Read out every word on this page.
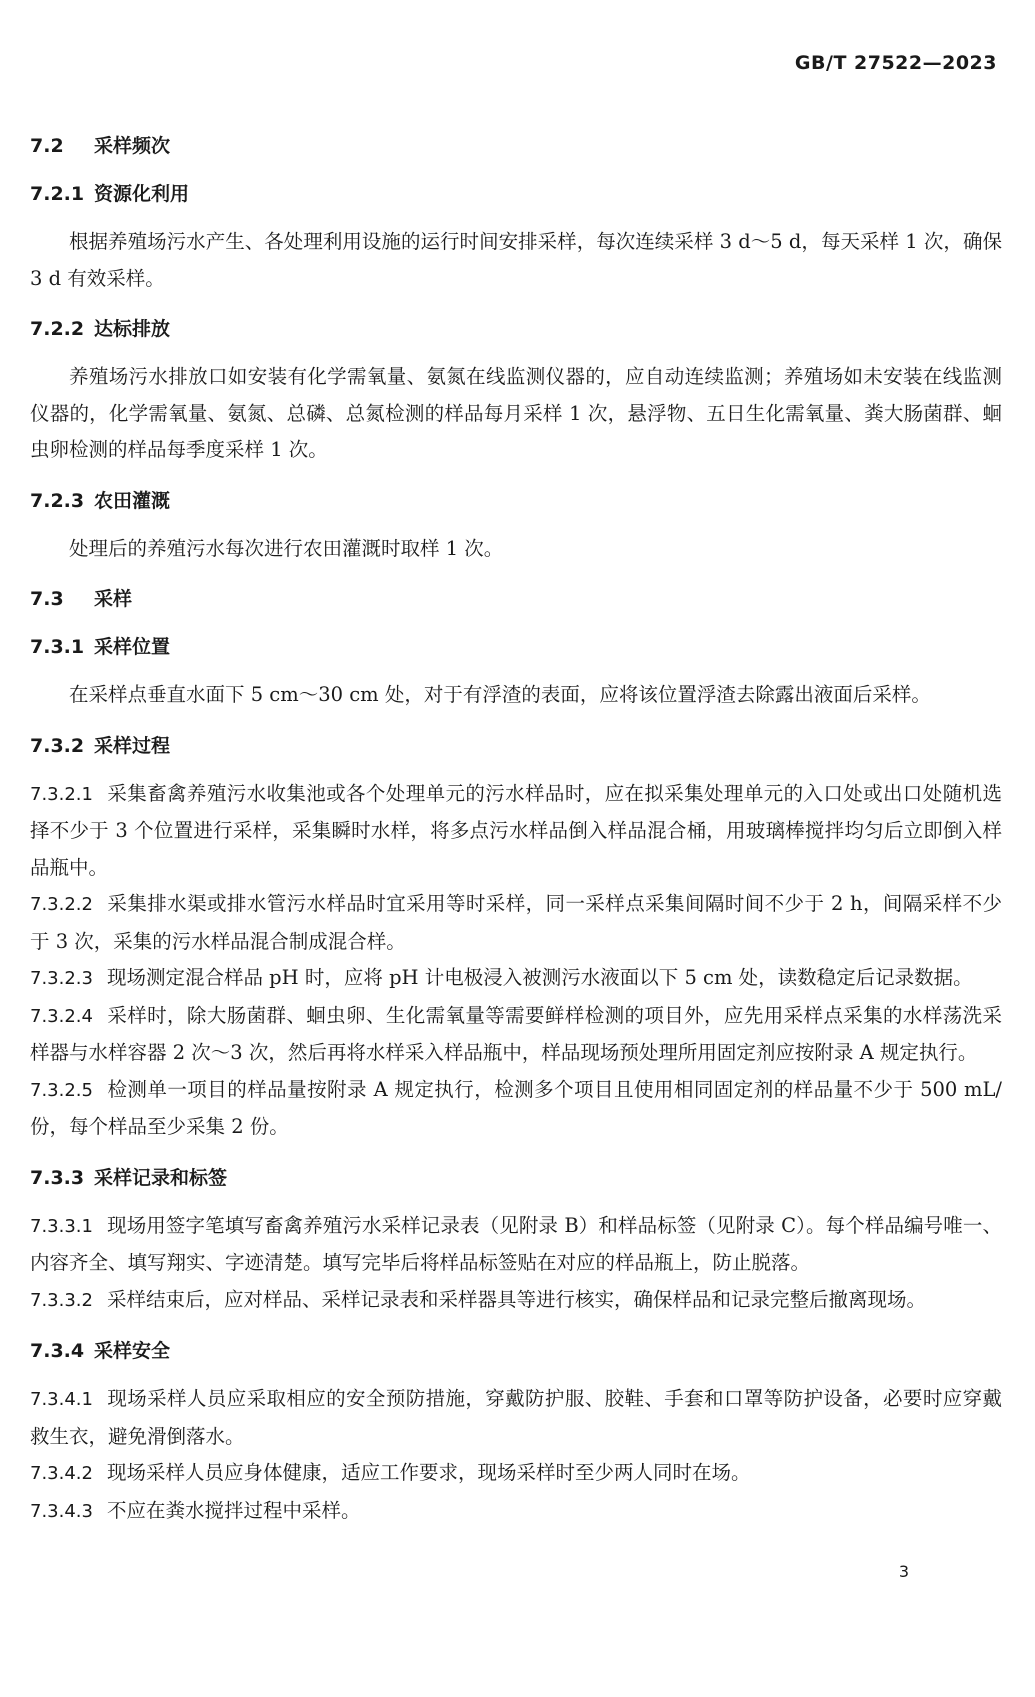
GB/T 27522—2023
7.2 采样频次
7.2.1 资源化利用

根据养殖场污水产生、各处理利用设施的运行时间安排采样，每次连续采样 3 d～5 d，每天采样 1 次，确保 3 d 有效采样。

7.2.2 达标排放

养殖场污水排放口如安装有化学需氧量、氨氮在线监测仪器的，应自动连续监测；养殖场如未安装在线监测仪器的，化学需氧量、氨氮、总磷、总氮检测的样品每月采样 1 次，悬浮物、五日生化需氧量、粪大肠菌群、蛔虫卵检测的样品每季度采样 1 次。

7.2.3 农田灌溉

处理后的养殖污水每次进行农田灌溉时取样 1 次。

7.3 采样
7.3.1 采样位置

在采样点垂直水面下 5 cm～30 cm 处，对于有浮渣的表面，应将该位置浮渣去除露出液面后采样。

7.3.2 采样过程

7.3.2.1 采集畜禽养殖污水收集池或各个处理单元的污水样品时，应在拟采集处理单元的入口处或出口处随机选择不少于 3 个位置进行采样，采集瞬时水样，将多点污水样品倒入样品混合桶，用玻璃棒搅拌均匀后立即倒入样品瓶中。

7.3.2.2 采集排水渠或排水管污水样品时宜采用等时采样，同一采样点采集间隔时间不少于 2 h，间隔采样不少于 3 次，采集的污水样品混合制成混合样。

7.3.2.3 现场测定混合样品 pH 时，应将 pH 计电极浸入被测污水液面以下 5 cm 处，读数稳定后记录数据。

7.3.2.4 采样时，除大肠菌群、蛔虫卵、生化需氧量等需要鲜样检测的项目外，应先用采样点采集的水样荡洗采样器与水样容器 2 次～3 次，然后再将水样采入样品瓶中，样品现场预处理所用固定剂应按附录 A 规定执行。

7.3.2.5 检测单一项目的样品量按附录 A 规定执行，检测多个项目且使用相同固定剂的样品量不少于 500 mL/份，每个样品至少采集 2 份。

7.3.3 采样记录和标签

7.3.3.1 现场用签字笔填写畜禽养殖污水采样记录表（见附录 B）和样品标签（见附录 C）。每个样品编号唯一、内容齐全、填写翔实、字迹清楚。填写完毕后将样品标签贴在对应的样品瓶上，防止脱落。

7.3.3.2 采样结束后，应对样品、采样记录表和采样器具等进行核实，确保样品和记录完整后撤离现场。

7.3.4 采样安全

7.3.4.1 现场采样人员应采取相应的安全预防措施，穿戴防护服、胶鞋、手套和口罩等防护设备，必要时应穿戴救生衣，避免滑倒落水。

7.3.4.2 现场采样人员应身体健康，适应工作要求，现场采样时至少两人同时在场。

7.3.4.3 不应在粪水搅拌过程中采样。

3
